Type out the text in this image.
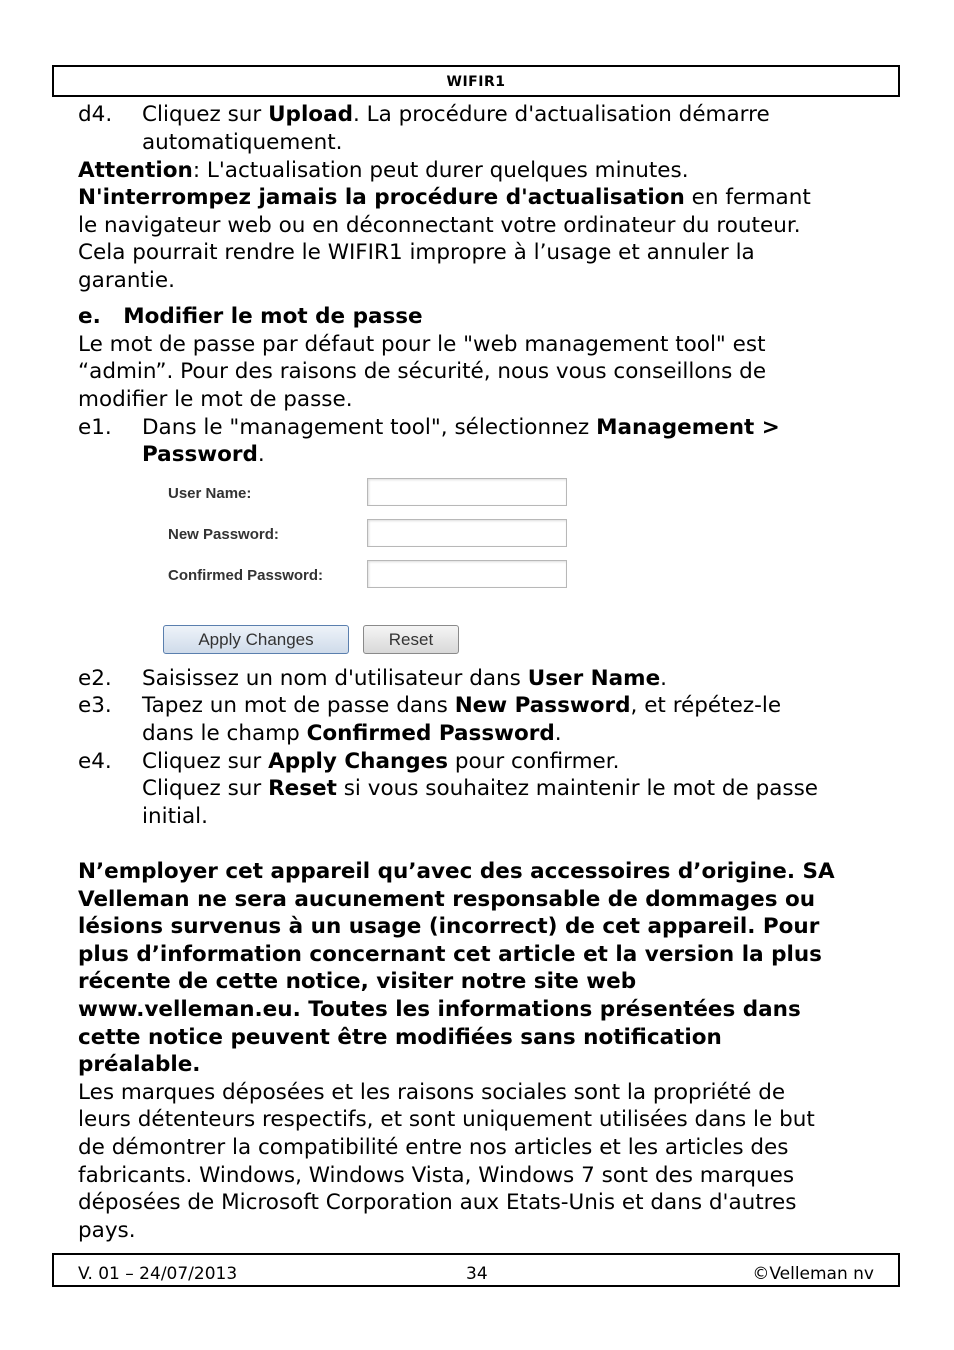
WIFIR1
d4. Cliquez sur Upload. La procédure d'actualisation démarre
automatiquement.
Attention: L'actualisation peut durer quelques minutes.
N'interrompez jamais la procédure d'actualisation en fermant
le navigateur web ou en déconnectant votre ordinateur du routeur.
Cela pourrait rendre le WIFIR1 impropre à l’usage et annuler la
garantie.
e.   Modifier le mot de passe
Le mot de passe par défaut pour le "web management tool" est
“admin”. Pour des raisons de sécurité, nous vous conseillons de
modifier le mot de passe.
e1. Dans le "management tool", sélectionnez Management >
Password.
User Name:
New Password:
Confirmed Password:
Apply Changes	Reset
e2. Saisissez un nom d'utilisateur dans User Name.
e3. Tapez un mot de passe dans New Password, et répétez-le
dans le champ Confirmed Password.
e4. Cliquez sur Apply Changes pour confirmer.
Cliquez sur Reset si vous souhaitez maintenir le mot de passe
initial.
N’employer cet appareil qu’avec des accessoires d’origine. SA
Velleman ne sera aucunement responsable de dommages ou
lésions survenus à un usage (incorrect) de cet appareil. Pour
plus d’information concernant cet article et la version la plus
récente de cette notice, visiter notre site web
www.velleman.eu. Toutes les informations présentées dans
cette notice peuvent être modifiées sans notification
préalable.
Les marques déposées et les raisons sociales sont la propriété de
leurs détenteurs respectifs, et sont uniquement utilisées dans le but
de démontrer la compatibilité entre nos articles et les articles des
fabricants. Windows, Windows Vista, Windows 7 sont des marques
déposées de Microsoft Corporation aux Etats-Unis et dans d'autres
pays.
V. 01 – 24/07/2013	34	©Velleman nv
